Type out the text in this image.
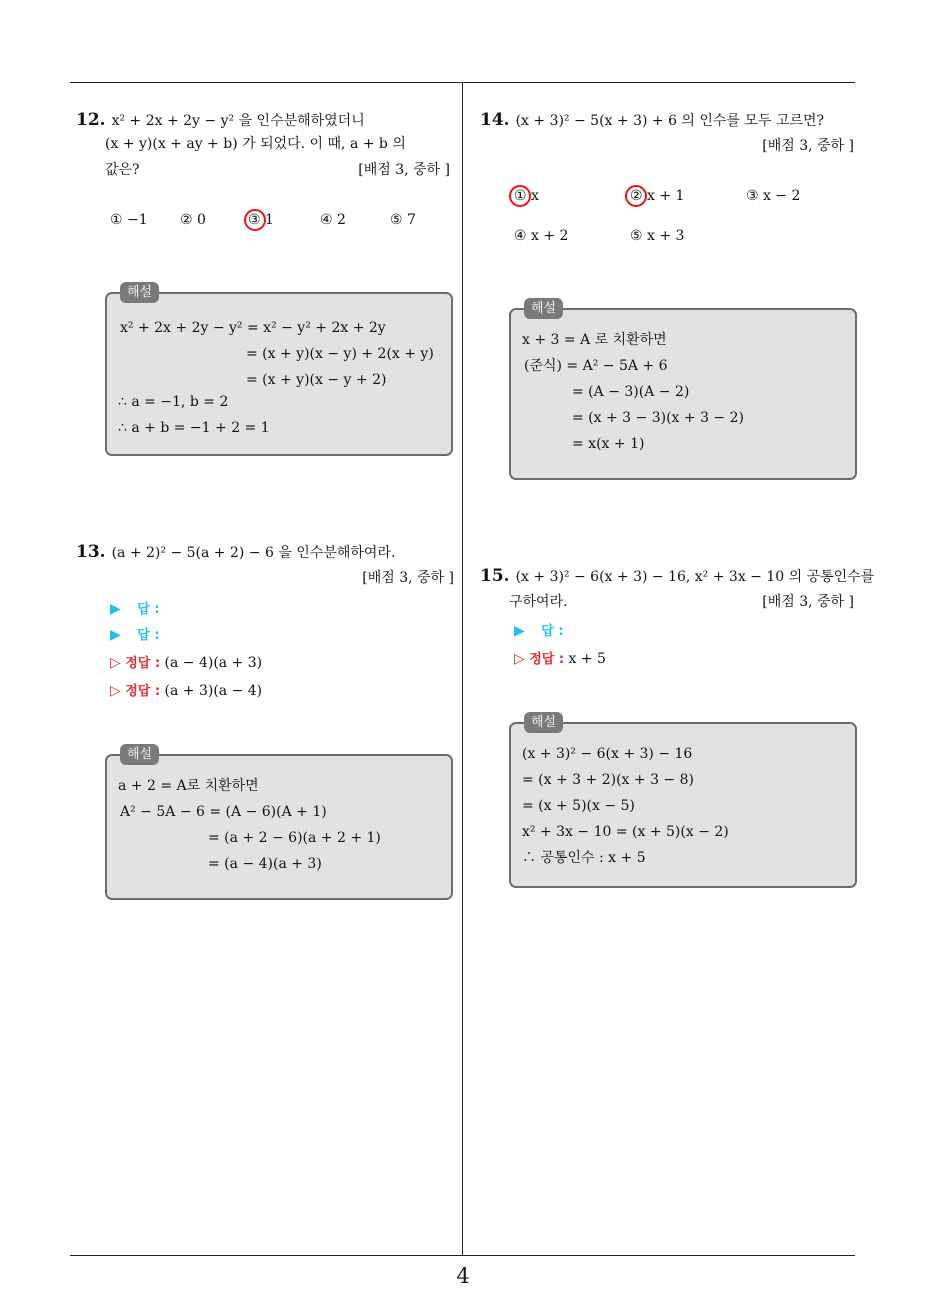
12. x² + 2x + 2y − y² 을 인수분해하였더니
(x + y)(x + ay + b) 가 되었다. 이 때, a + b 의
값은?	[배점 3, 중하 ]
① −1 ② 0	③ 1	④ 2	⑤ 7
해설
x² + 2x + 2y − y² = x² − y² + 2x + 2y
= (x + y)(x − y) + 2(x + y)
= (x + y)(x − y + 2)
∴ a = −1, b = 2
∴ a + b = −1 + 2 = 1
13. (a + 2)² − 5(a + 2) − 6 을 인수분해하여라.
[배점 3, 중하 ]
▶ 답 :
▶ 답 :
▷ 정답 : (a − 4)(a + 3)
▷ 정답 : (a + 3)(a − 4)
해설
a + 2 = A로 치환하면
A² − 5A − 6 = (A − 6)(A + 1)
= (a + 2 − 6)(a + 2 + 1)
= (a − 4)(a + 3)
14. (x + 3)² − 5(x + 3) + 6 의 인수를 모두 고르면?
[배점 3, 중하 ]
① x	② x + 1	③ x − 2
④ x + 2	⑤ x + 3
해설
x + 3 = A 로 치환하면
(준식) = A² − 5A + 6
= (A − 3)(A − 2)
= (x + 3 − 3)(x + 3 − 2)
= x(x + 1)
15. (x + 3)² − 6(x + 3) − 16, x² + 3x − 10 의 공통인수를
구하여라.	[배점 3, 중하 ]
▶ 답 :
▷ 정답 : x + 5
해설
(x + 3)² − 6(x + 3) − 16
= (x + 3 + 2)(x + 3 − 8)
= (x + 5)(x − 5)
x² + 3x − 10 = (x + 5)(x − 2)
∴ 공통인수 : x + 5
4
